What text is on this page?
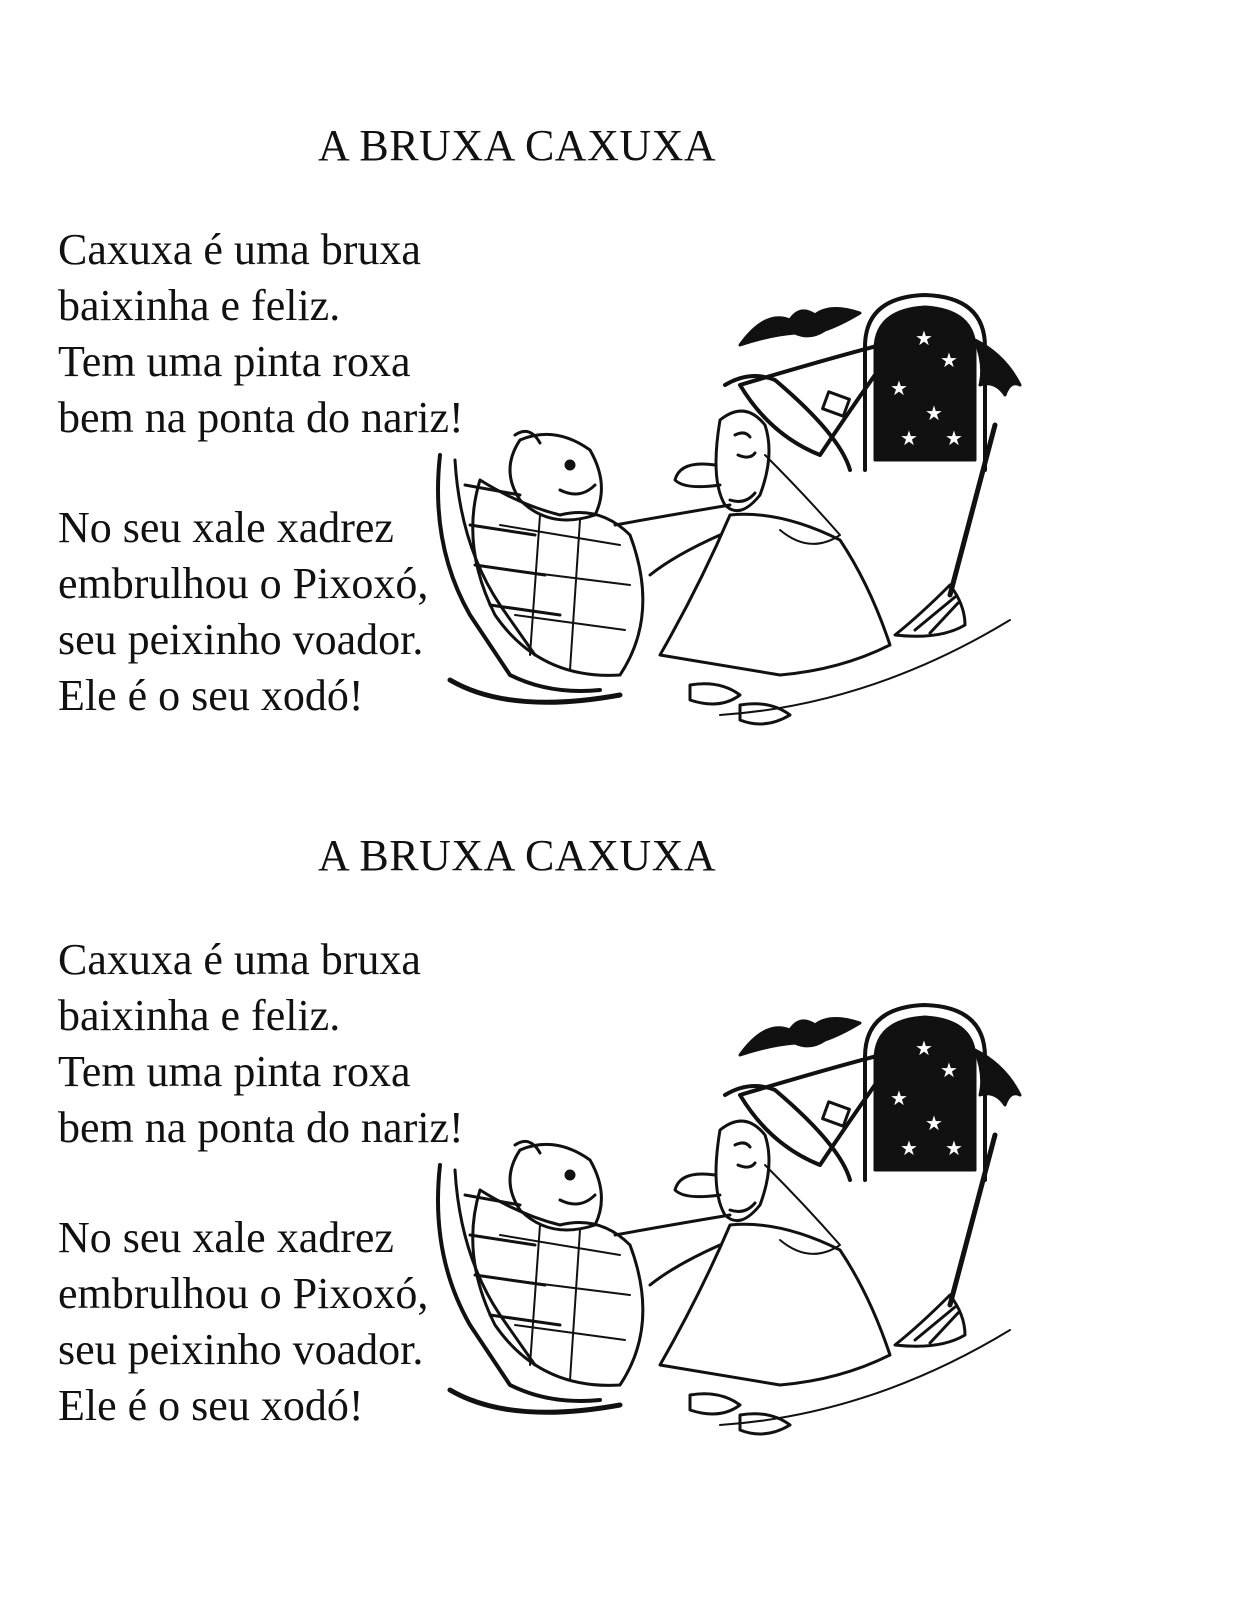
A BRUXA CAXUXA
Caxuxa é uma bruxa
baixinha e feliz.
Tem uma pinta roxa
bem na ponta do nariz!
No seu xale xadrez
embrulhou o Pixoxó,
seu peixinho voador.
Ele é o seu xodó!
★
★
★
★
★ ★
A BRUXA CAXUXA
Caxuxa é uma bruxa
baixinha e feliz.
Tem uma pinta roxa
bem na ponta do nariz!
No seu xale xadrez
embrulhou o Pixoxó,
seu peixinho voador.
Ele é o seu xodó!
★
★
★
★
★ ★
